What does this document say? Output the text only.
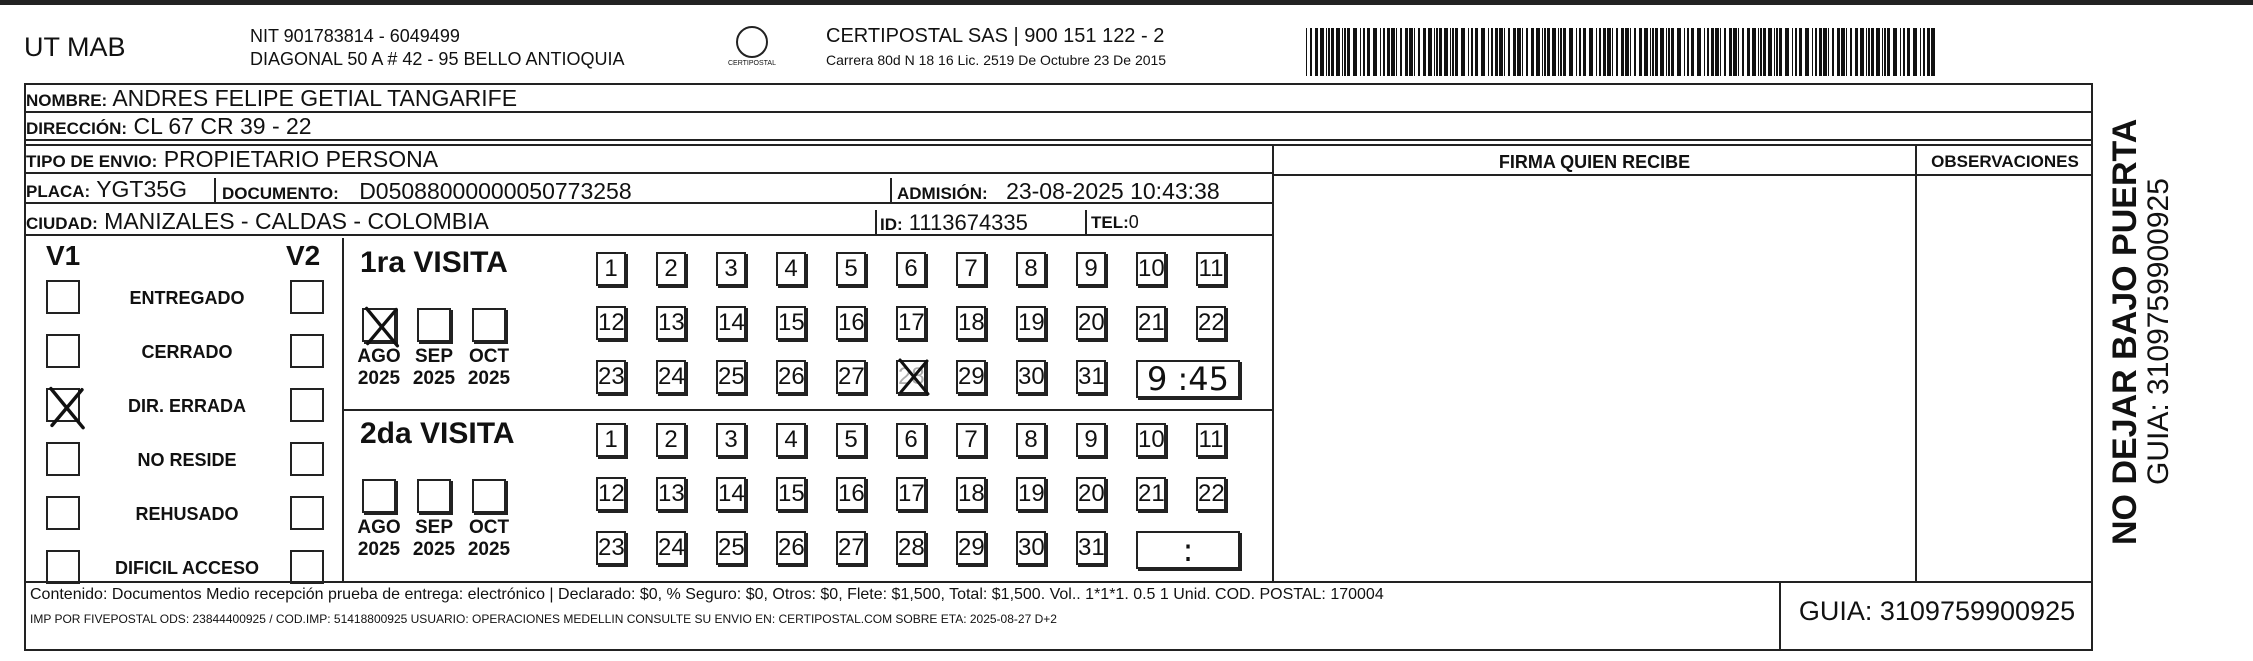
UT MAB	NIT 901783814 - 6049499
DIAGONAL 50 A # 42 - 95 BELLO ANTIOQUIA	CERTIPOSTAL
CERTIPOSTAL SAS | 900 151 122 - 2
Carrera 80d N 18 16 Lic. 2519 De Octubre 23 De 2015
NOMBRE: ANDRES FELIPE GETIAL TANGARIFE
DIRECCIÓN: CL 67 CR 39 - 22
TIPO DE ENVIO: PROPIETARIO PERSONA
PLACA: YGT35G	DOCUMENTO: D05088000000050773258	ADMISIÓN: 23-08-2025 10:43:38
CIUDAD: MANIZALES - CALDAS - COLOMBIA	ID: 1113674335	TEL:0
FIRMA QUIEN RECIBE	OBSERVACIONES
V1	V2
ENTREGADO
CERRADO
DIR. ERRADA
NO RESIDE
REHUSADO
DIFICIL ACCESO
1ra VISITA
AGO
2025
SEP
2025
OCT
2025
1	2	3	4	5	6	7	8	9	10 11
12 13 14 15 16 17 18 19 20 21 22
23 24 25 26 27 28 29 30 31	9 :45
2da VISITA
AGO
2025
SEP
2025
OCT
2025
1	2	3	4	5	6	7	8	9	10 11
12 13 14 15 16 17 18 19 20 21 22
23 24 25 26 27 28 29 30 31	:
Contenido: Documentos Medio recepción prueba de entrega: electrónico | Declarado: $0, % Seguro: $0, Otros: $0, Flete: $1,500, Total: $1,500. Vol.. 1*1*1. 0.5 1 Unid. COD. POSTAL: 170004
IMP POR FIVEPOSTAL ODS: 23844400925 / COD.IMP: 51418800925 USUARIO: OPERACIONES MEDELLIN CONSULTE SU ENVIO EN: CERTIPOSTAL.COM SOBRE ETA: 2025-08-27 D+2	GUIA: 3109759900925
NO DEJAR BAJO PUERTA
GUIA: 3109759900925
